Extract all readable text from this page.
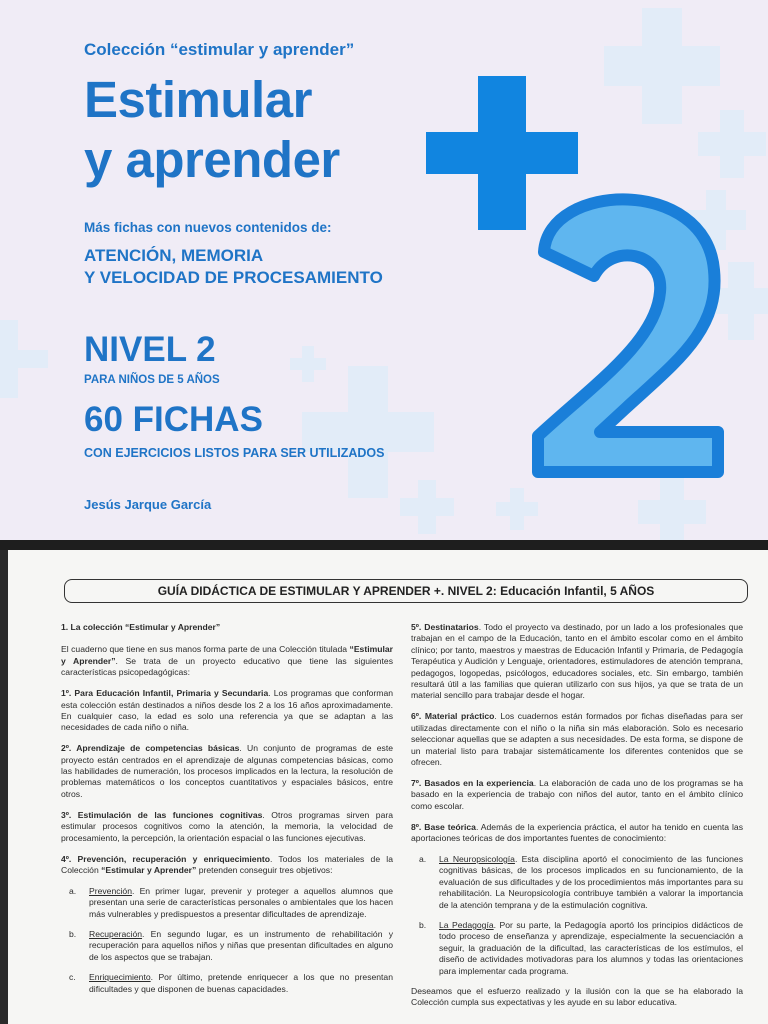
Colección “estimular y aprender”
Estimular
y aprender
Más fichas con nuevos contenidos de:
ATENCIÓN, MEMORIA
Y VELOCIDAD DE PROCESAMIENTO
NIVEL 2
PARA NIÑOS DE 5 AÑOS
60 FICHAS
CON EJERCICIOS LISTOS PARA SER UTILIZADOS
Jesús Jarque García
GUÍA DIDÁCTICA DE ESTIMULAR Y APRENDER +. NIVEL 2: Educación Infantil, 5 AÑOS

1. La colección “Estimular y Aprender”

El cuaderno que tiene en sus manos forma parte de una Colección titulada “Estimular y Aprender”. Se trata de un proyecto educativo que tiene las siguientes características psicopedagógicas:

1º. Para Educación Infantil, Primaria y Secundaria. Los programas que conforman esta colección están destinados a niños desde los 2 a los 16 años aproximadamente. En cualquier caso, la edad es solo una referencia ya que se adaptan a las necesidades de cada niño o niña.

2º. Aprendizaje de competencias básicas. Un conjunto de programas de este proyecto están centrados en el aprendizaje de algunas competencias básicas, como las habilidades de numeración, los procesos implicados en la lectura, la resolución de problemas matemáticos o los conceptos cuantitativos y espaciales básicos, entre otros.

3º. Estimulación de las funciones cognitivas. Otros programas sirven para estimular procesos cognitivos como la atención, la memoria, la velocidad de procesamiento, la percepción, la orientación espacial o las funciones ejecutivas.

4º. Prevención, recuperación y enriquecimiento. Todos los materiales de la Colección “Estimular y Aprender” pretenden conseguir tres objetivos:

a.	Prevención. En primer lugar, prevenir y proteger a aquellos alumnos que presentan una serie de características personales o ambientales que los hacen más vulnerables y predispuestos a presentar dificultades de aprendizaje.
b.	Recuperación. En segundo lugar, es un instrumento de rehabilitación y recuperación para aquellos niños y niñas que presentan dificultades en alguno de los aspectos que se trabajan.
c.	Enriquecimiento. Por último, pretende enriquecer a los que no presentan dificultades y que disponen de buenas capacidades.

5º. Destinatarios. Todo el proyecto va destinado, por un lado a los profesionales que trabajan en el campo de la Educación, tanto en el ámbito escolar como en el ámbito clínico; por tanto, maestros y maestras de Educación Infantil y Primaria, de Pedagogía Terapéutica y Audición y Lenguaje, orientadores, estimuladores de atención temprana, pedagogos, logopedas, psicólogos, educadores sociales, etc. Sin embargo, también resultará útil a las familias que quieran utilizarlo con sus hijos, ya que se trata de un material sencillo para trabajar desde el hogar.

6º. Material práctico. Los cuadernos están formados por fichas diseñadas para ser utilizadas directamente con el niño o la niña sin más elaboración. Solo es necesario seleccionar aquellas que se adapten a sus necesidades. De esta forma, se dispone de un material listo para trabajar sistemáticamente los diferentes contenidos que se ofrecen.

7º. Basados en la experiencia. La elaboración de cada uno de los programas se ha basado en la experiencia de trabajo con niños del autor, tanto en el ámbito clínico como escolar.

8º. Base teórica. Además de la experiencia práctica, el autor ha tenido en cuenta las aportaciones teóricas de dos importantes fuentes de conocimiento:

a.	La Neuropsicología. Esta disciplina aportó el conocimiento de las funciones cognitivas básicas, de los procesos implicados en su funcionamiento, de la evaluación de sus dificultades y de los procedimientos más importantes para su rehabilitación. La Neuropsicología contribuye también a valorar la importancia de la atención temprana y de la estimulación cognitiva.
b.	La Pedagogía. Por su parte, la Pedagogía aportó los principios didácticos de todo proceso de enseñanza y aprendizaje, especialmente la secuenciación a seguir, la graduación de la dificultad, las características de los estímulos, el diseño de actividades motivadoras para los alumnos y todas las orientaciones para implementar cada programa.

Deseamos que el esfuerzo realizado y la ilusión con la que se ha elaborado la Colección cumpla sus expectativas y les ayude en su labor educativa.
